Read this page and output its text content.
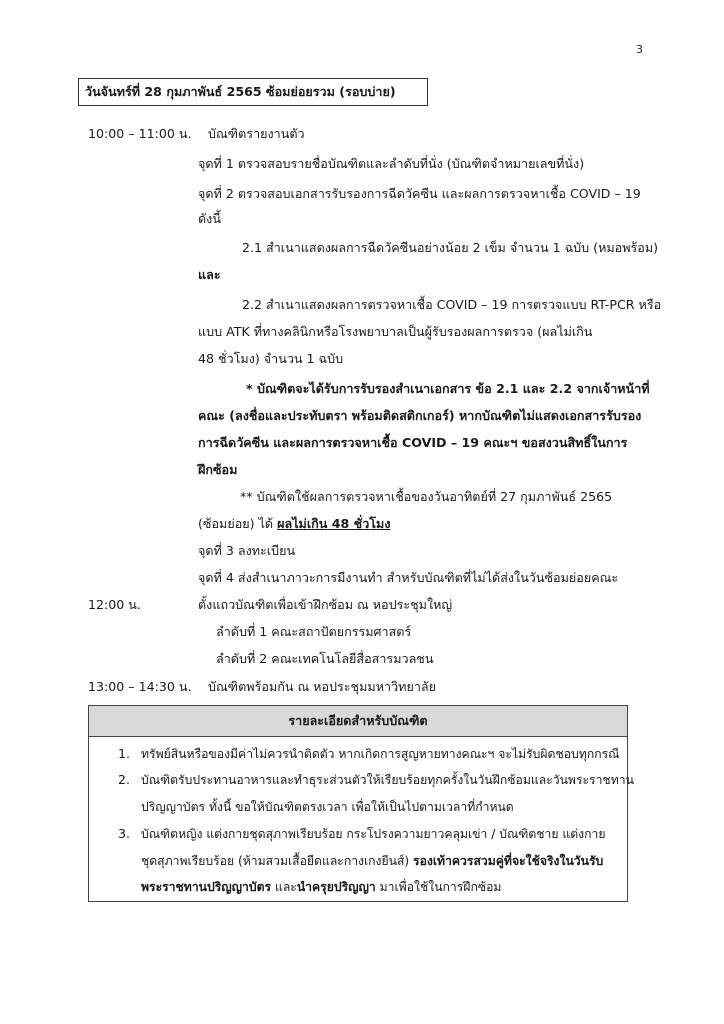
3
วันจันทร์ที่ 28 กุมภาพันธ์ 2565 ซ้อมย่อยรวม (รอบบ่าย)
10:00 – 11:00 น. บัณฑิตรายงานตัว
จุดที่ 1 ตรวจสอบรายชื่อบัณฑิตและลำดับที่นั่ง (บัณฑิตจำหมายเลขที่นั่ง)
จุดที่ 2 ตรวจสอบเอกสารรับรองการฉีดวัคซีน และผลการตรวจหาเชื้อ COVID – 19
ดังนี้
2.1 สำเนาแสดงผลการฉีดวัคซีนอย่างน้อย 2 เข็ม จำนวน 1 ฉบับ (หมอพร้อม)
และ
2.2 สำเนาแสดงผลการตรวจหาเชื้อ COVID – 19 การตรวจแบบ RT-PCR หรือ
แบบ ATK ที่ทางคลินิกหรือโรงพยาบาลเป็นผู้รับรองผลการตรวจ (ผลไม่เกิน
48 ชั่วโมง) จำนวน 1 ฉบับ
* บัณฑิตจะได้รับการรับรองสำเนาเอกสาร ข้อ 2.1 และ 2.2 จากเจ้าหน้าที่
คณะ (ลงชื่อและประทับตรา พร้อมติดสติกเกอร์) หากบัณฑิตไม่แสดงเอกสารรับรอง
การฉีดวัคซีน และผลการตรวจหาเชื้อ COVID – 19 คณะฯ ขอสงวนสิทธิ์ในการ
ฝึกซ้อม
** บัณฑิตใช้ผลการตรวจหาเชื้อของวันอาทิตย์ที่ 27 กุมภาพันธ์ 2565
(ซ้อมย่อย) ได้ ผลไม่เกิน 48 ชั่วโมง
จุดที่ 3 ลงทะเบียน
จุดที่ 4 ส่งสำเนาภาวะการมีงานทำ สำหรับบัณฑิตที่ไม่ได้ส่งในวันซ้อมย่อยคณะ
12:00 น.	ตั้งแถวบัณฑิตเพื่อเข้าฝึกซ้อม ณ หอประชุมใหญ่
ลำดับที่ 1 คณะสถาปัตยกรรมศาสตร์
ลำดับที่ 2 คณะเทคโนโลยีสื่อสารมวลชน
13:00 – 14:30 น. บัณฑิตพร้อมกัน ณ หอประชุมมหาวิทยาลัย
รายละเอียดสำหรับบัณฑิต
1. ทรัพย์สินหรือของมีค่าไม่ควรนำติดตัว หากเกิดการสูญหายทางคณะฯ จะไม่รับผิดชอบทุกกรณี
2. บัณฑิตรับประทานอาหารและทำธุระส่วนตัวให้เรียบร้อยทุกครั้งในวันฝึกซ้อมและวันพระราชทาน
ปริญญาบัตร ทั้งนี้ ขอให้บัณฑิตตรงเวลา เพื่อให้เป็นไปตามเวลาที่กำหนด
3. บัณฑิตหญิง แต่งกายชุดสุภาพเรียบร้อย กระโปรงความยาวคลุมเข่า / บัณฑิตชาย แต่งกาย
ชุดสุภาพเรียบร้อย (ห้ามสวมเสื้อยืดและกางเกงยีนส์) รองเท้าควรสวมคู่ที่จะใช้จริงในวันรับ
พระราชทานปริญญาบัตร และนำครุยปริญญา มาเพื่อใช้ในการฝึกซ้อม
